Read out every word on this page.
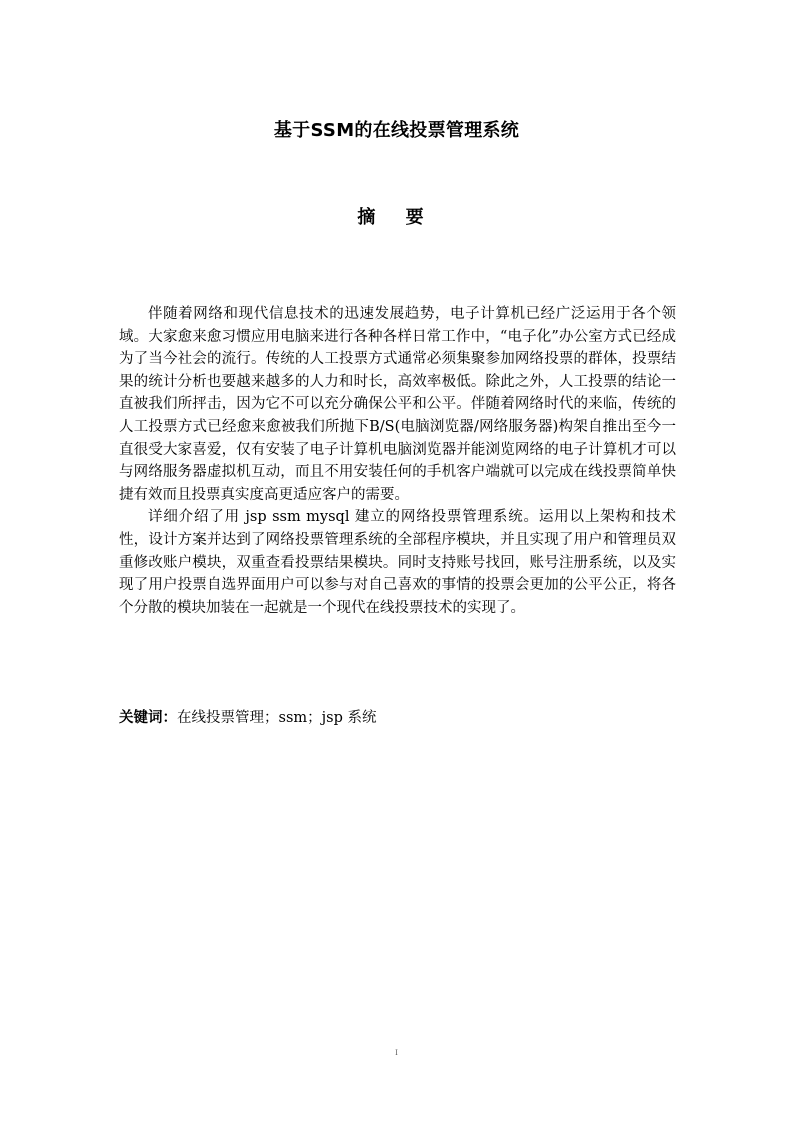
基于SSM的在线投票管理系统
摘 要

伴随着网络和现代信息技术的迅速发展趋势，电子计算机已经广泛运用于各个领域。大家愈来愈习惯应用电脑来进行各种各样日常工作中，“电子化”办公室方式已经成为了当今社会的流行。传统的人工投票方式通常必须集聚参加网络投票的群体，投票结果的统计分析也要越来越多的人力和时长，高效率极低。除此之外，人工投票的结论一直被我们所抨击，因为它不可以充分确保公平和公平。伴随着网络时代的来临，传统的人工投票方式已经愈来愈被我们所抛下B/S(电脑浏览器/网络服务器)构架自推出至今一直很受大家喜爱，仅有安装了电子计算机电脑浏览器并能浏览网络的电子计算机才可以与网络服务器虚拟机互动，而且不用安装任何的手机客户端就可以完成在线投票简单快捷有效而且投票真实度高更适应客户的需要。

详细介绍了用 jsp ssm mysql 建立的网络投票管理系统。运用以上架构和技术性，设计方案并达到了网络投票管理系统的全部程序模块，并且实现了用户和管理员双重修改账户模块，双重查看投票结果模块。同时支持账号找回，账号注册系统，以及实现了用户投票自选界面用户可以参与对自己喜欢的事情的投票会更加的公平公正，将各个分散的模块加装在一起就是一个现代在线投票技术的实现了。

关键词：在线投票管理；ssm；jsp 系统
I
